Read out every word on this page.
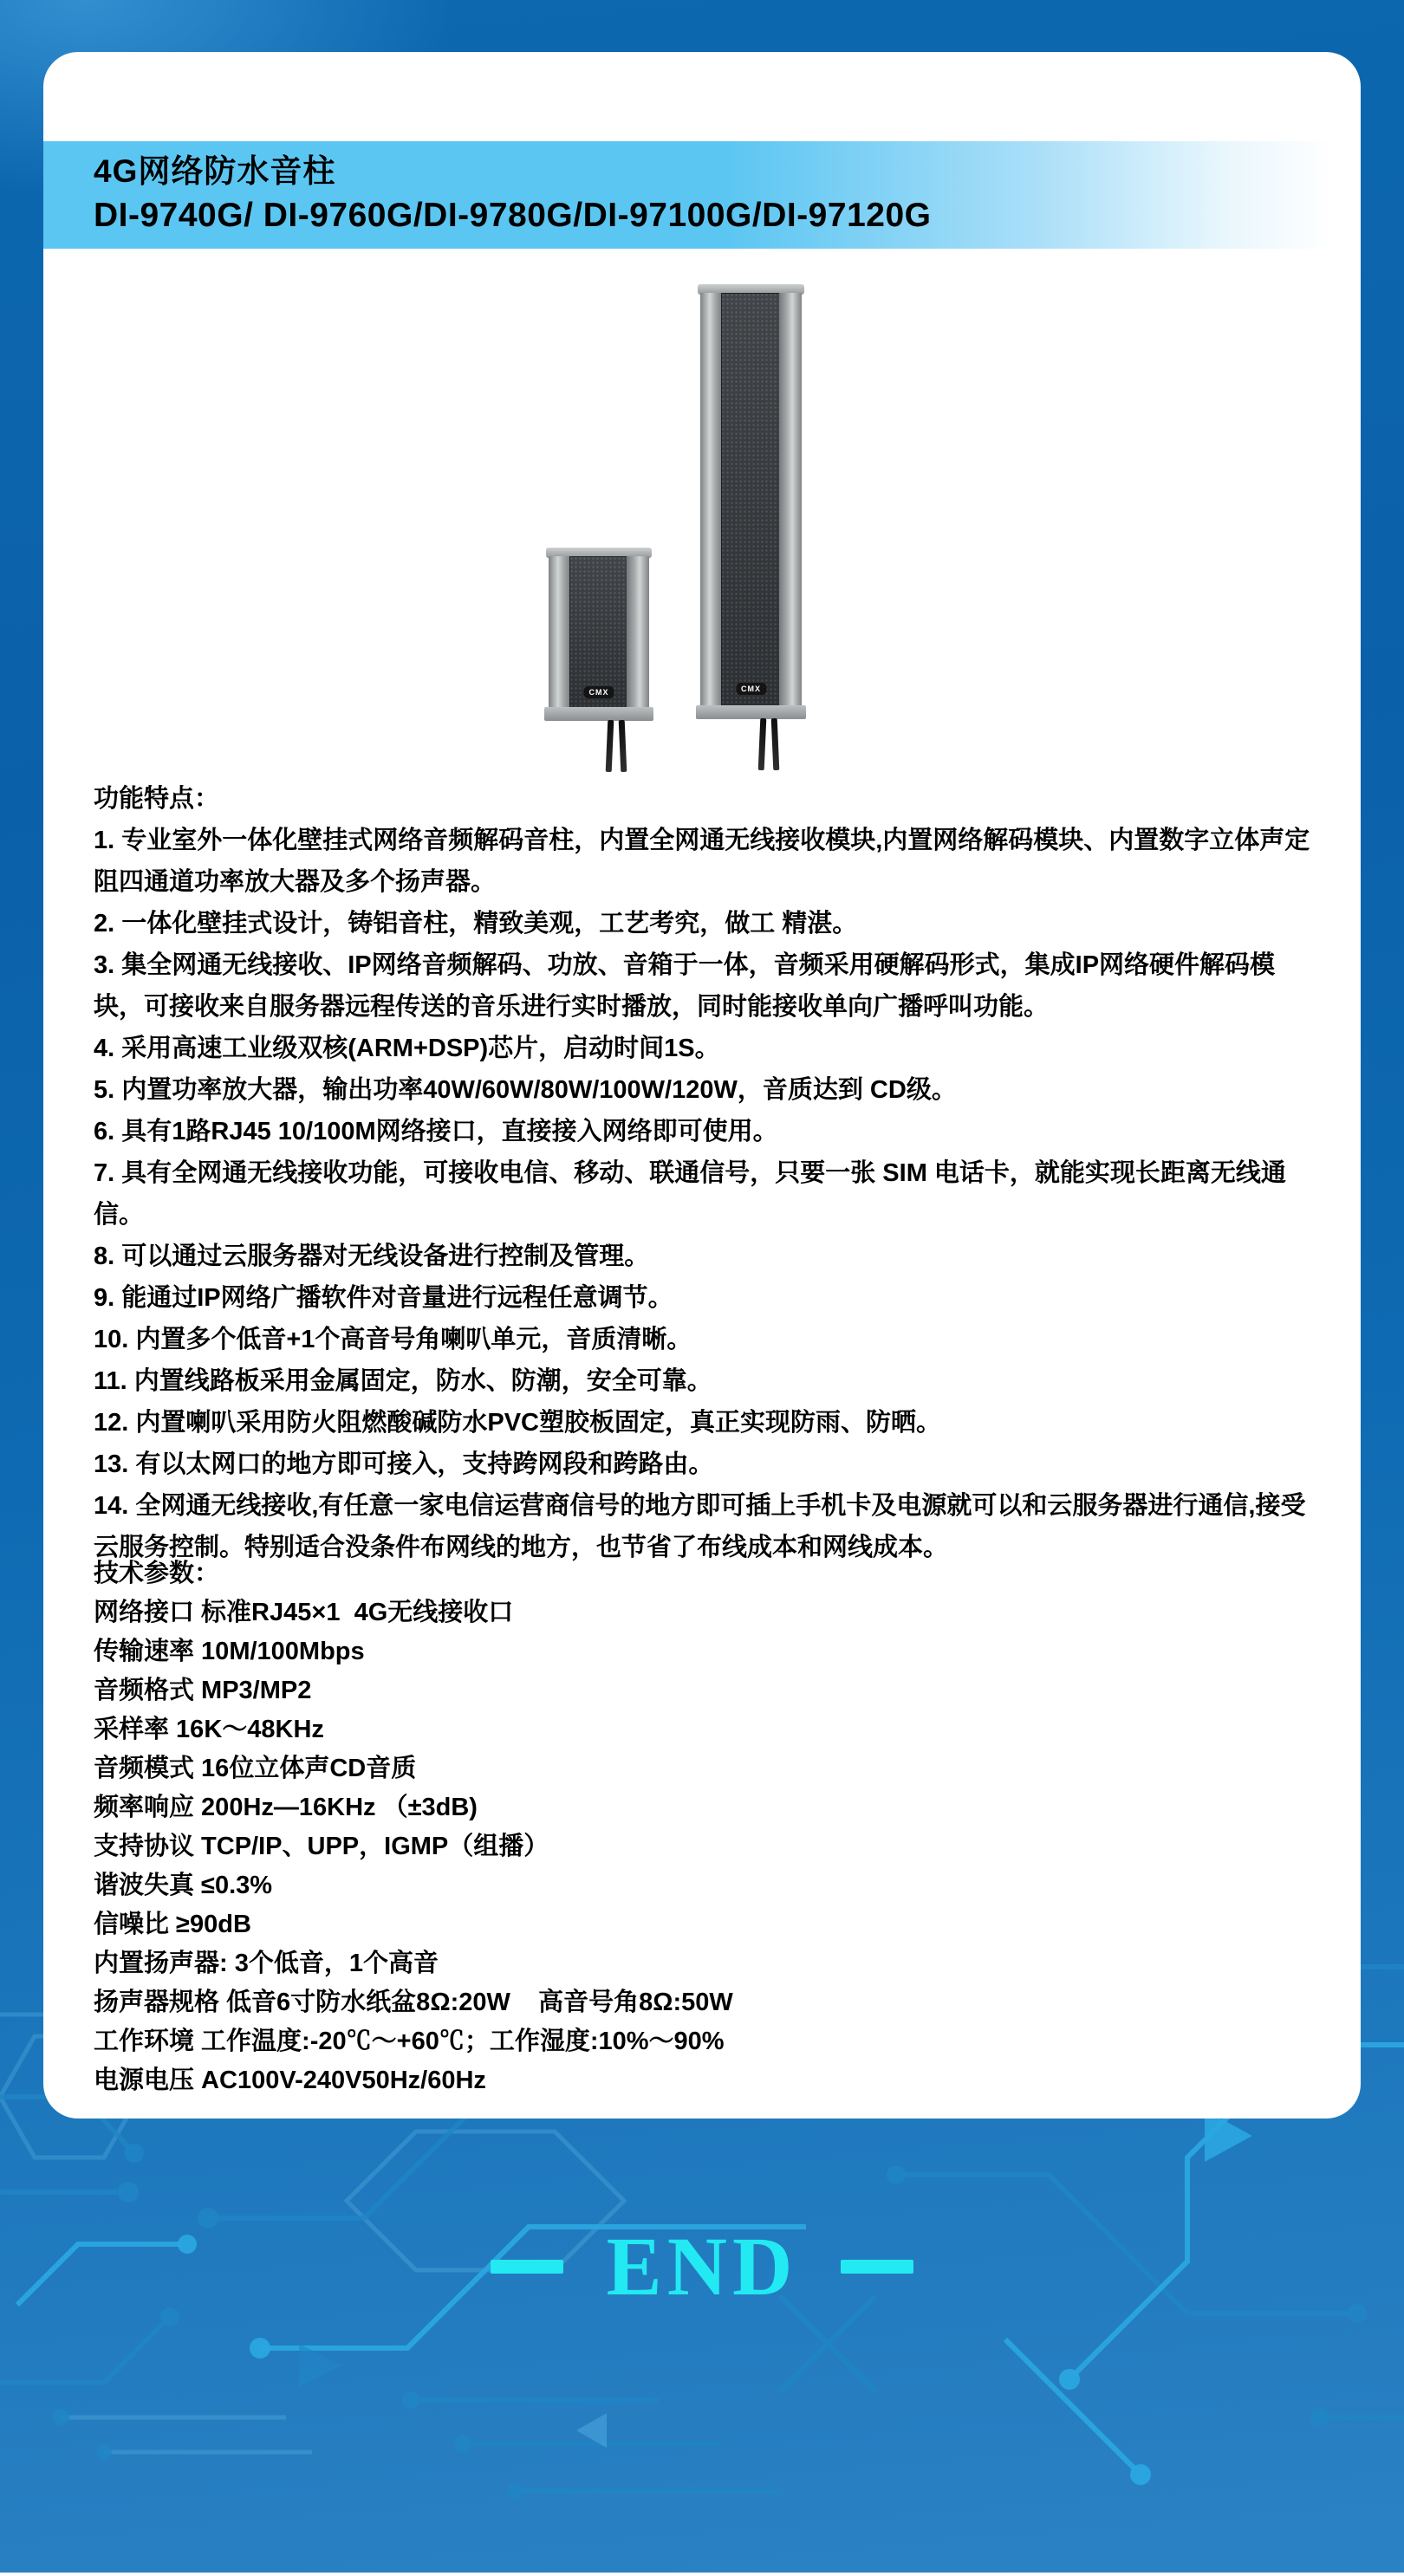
4G网络防水音柱
DI-9740G/ DI-9760G/DI-9780G/DI-97100G/DI-97120G
CMX
CMX
功能特点：
1. 专业室外一体化壁挂式网络音频解码音柱，内置全网通无线接收模块,内置网络解码模块、内置数字立体声定阻四通道功率放大器及多个扬声器。
2. 一体化壁挂式设计，铸铝音柱，精致美观，工艺考究，做工 精湛。
3. 集全网通无线接收、IP网络音频解码、功放、音箱于一体，音频采用硬解码形式，集成IP网络硬件解码模块，可接收来自服务器远程传送的音乐进行实时播放，同时能接收单向广播呼叫功能。
4. 采用高速工业级双核(ARM+DSP)芯片，启动时间1S。
5. 内置功率放大器，输出功率40W/60W/80W/100W/120W，音质达到 CD级。
6. 具有1路RJ45 10/100M网络接口，直接接入网络即可使用。
7. 具有全网通无线接收功能，可接收电信、移动、联通信号，只要一张 SIM 电话卡，就能实现长距离无线通信。
8. 可以通过云服务器对无线设备进行控制及管理。
9. 能通过IP网络广播软件对音量进行远程任意调节。
10. 内置多个低音+1个高音号角喇叭单元，音质清晰。
11. 内置线路板采用金属固定，防水、防潮，安全可靠。
12. 内置喇叭采用防火阻燃酸碱防水PVC塑胶板固定，真正实现防雨、防晒。
13. 有以太网口的地方即可接入，支持跨网段和跨路由。
14. 全网通无线接收,有任意一家电信运营商信号的地方即可插上手机卡及电源就可以和云服务器进行通信,接受云服务控制。特别适合没条件布网线的地方，也节省了布线成本和网线成本。
技术参数：
网络接口 标准RJ45×1  4G无线接收口
传输速率 10M/100Mbps
音频格式 MP3/MP2
采样率 16K～48KHz
音频模式 16位立体声CD音质
频率响应 200Hz—16KHz （±3dB)
支持协议 TCP/IP、UPP，IGMP（组播）
谐波失真 ≤0.3%
信噪比 ≥90dB
内置扬声器: 3个低音，1个高音
扬声器规格 低音6寸防水纸盆8Ω:20W    高音号角8Ω:50W
工作环境 工作温度:-20℃～+60℃；工作湿度:10%～90%
电源电压 AC100V-240V50Hz/60Hz
END
